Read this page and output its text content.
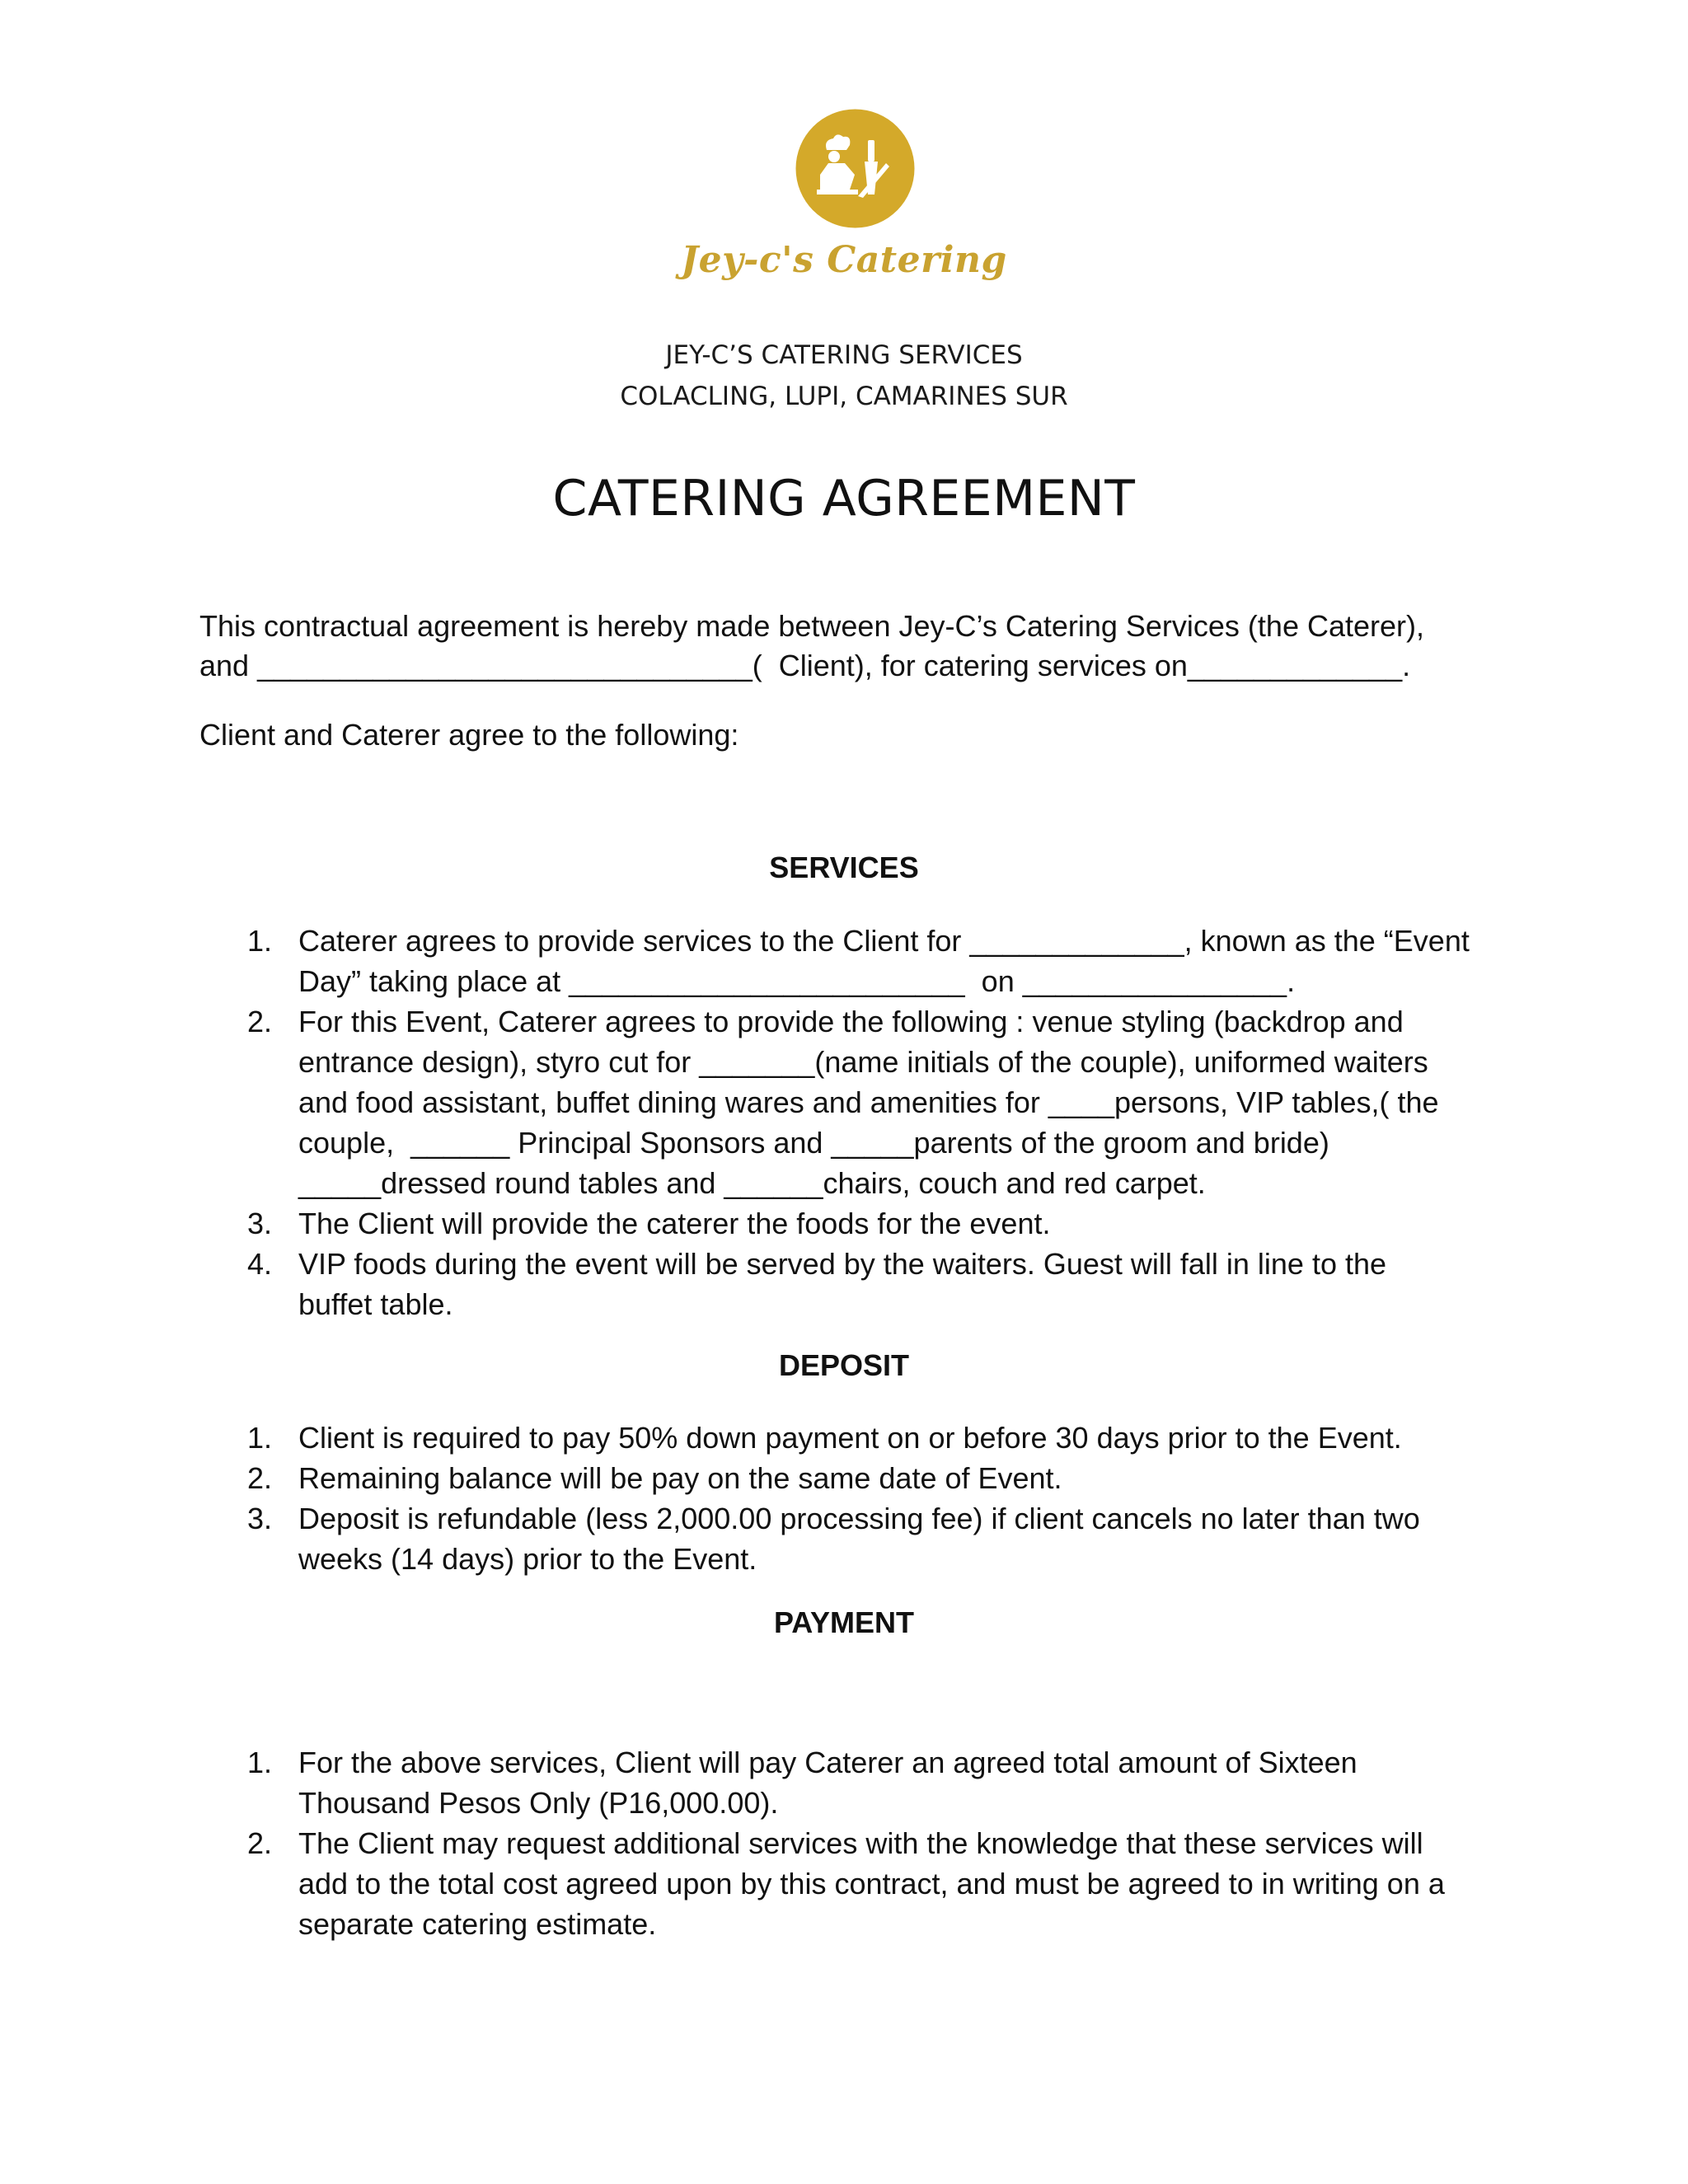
Jey-c's Catering
JEY-C’S CATERING SERVICES
COLACLING, LUPI, CAMARINES SUR
CATERING AGREEMENT
This contractual agreement is hereby made between Jey-C’s Catering Services (the Caterer),
and ______________________________(  Client), for catering services on_____________.
Client and Caterer agree to the following:
SERVICES
1. Caterer agrees to provide services to the Client for _____________, known as the “Event
Day” taking place at ________________________  on ________________.
2. For this Event, Caterer agrees to provide the following : venue styling (backdrop and
entrance design), styro cut for _______(name initials of the couple), uniformed waiters
and food assistant, buffet dining wares and amenities for ____persons, VIP tables,( the
couple,  ______ Principal Sponsors and _____parents of the groom and bride)
_____dressed round tables and ______chairs, couch and red carpet.
3. The Client will provide the caterer the foods for the event.
4. VIP foods during the event will be served by the waiters. Guest will fall in line to the
buffet table.
DEPOSIT
1. Client is required to pay 50% down payment on or before 30 days prior to the Event.
2. Remaining balance will be pay on the same date of Event.
3. Deposit is refundable (less 2,000.00 processing fee) if client cancels no later than two
weeks (14 days) prior to the Event.
PAYMENT
1. For the above services, Client will pay Caterer an agreed total amount of Sixteen
Thousand Pesos Only (P16,000.00).
2. The Client may request additional services with the knowledge that these services will
add to the total cost agreed upon by this contract, and must be agreed to in writing on a
separate catering estimate.
